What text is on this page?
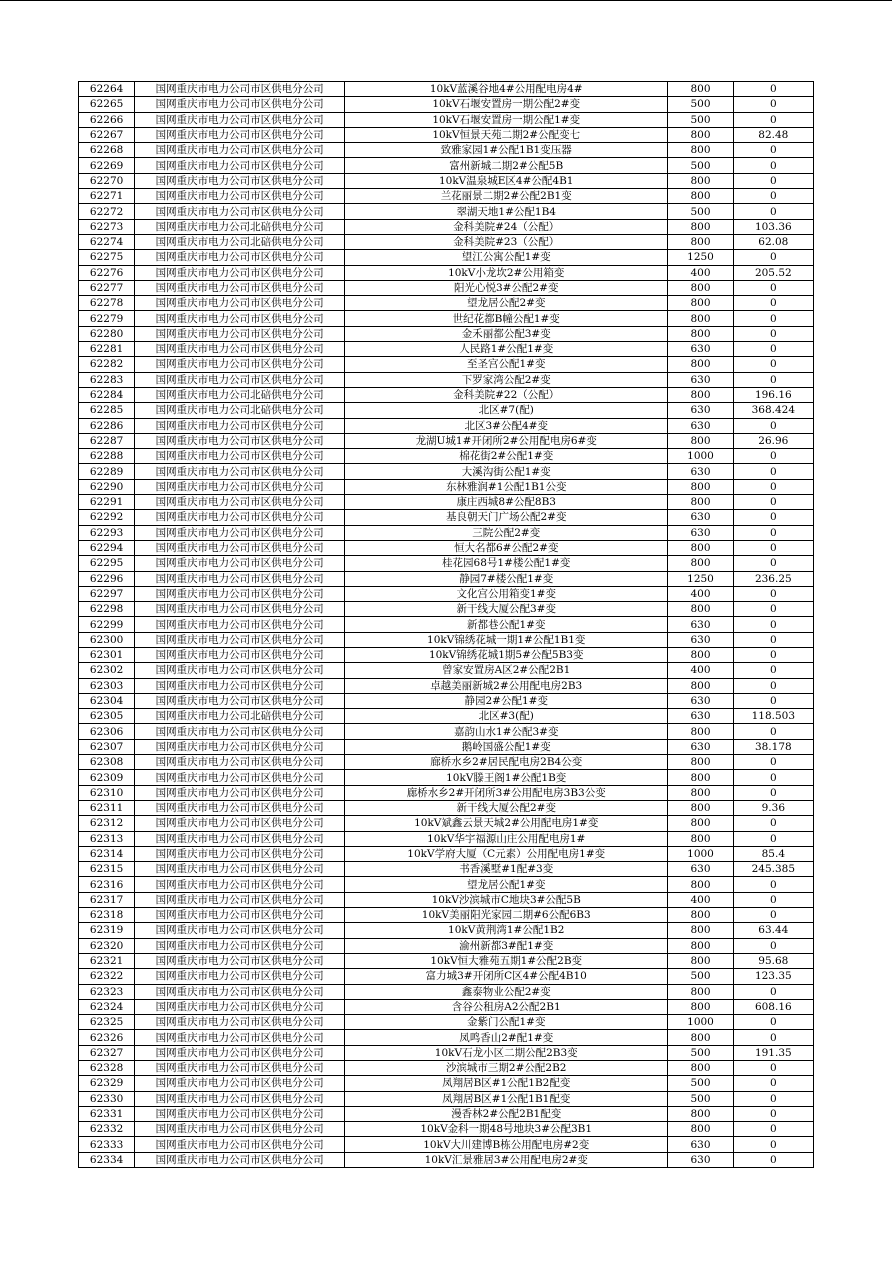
62264	国网重庆市电力公司市区供电分公司	10kV蓝溪谷地4#公用配电房4#	800	0
62265	国网重庆市电力公司市区供电分公司	10kV石堰安置房一期公配2#变	500	0
62266	国网重庆市电力公司市区供电分公司	10kV石堰安置房一期公配1#变	500	0
62267	国网重庆市电力公司市区供电分公司	10kV恒景天苑二期2#公配变七	800	82.48
62268	国网重庆市电力公司市区供电分公司	致雅家园1#公配1B1变压器	800	0
62269	国网重庆市电力公司市区供电分公司	富州新城二期2#公配5B	500	0
62270	国网重庆市电力公司市区供电分公司	10kV温泉城E区4#公配4B1	800	0
62271	国网重庆市电力公司市区供电分公司	兰花丽景二期2#公配2B1变	800	0
62272	国网重庆市电力公司市区供电分公司	翠湖天地1#公配1B4	500	0
62273	国网重庆市电力公司北碚供电分公司	金科美院#24（公配）	800	103.36
62274	国网重庆市电力公司北碚供电分公司	金科美院#23（公配）	800	62.08
62275	国网重庆市电力公司市区供电分公司	望江公寓公配1#变	1250	0
62276	国网重庆市电力公司市区供电分公司	10kV小龙坎2#公用箱变	400	205.52
62277	国网重庆市电力公司市区供电分公司	阳光心悦3#公配2#变	800	0
62278	国网重庆市电力公司市区供电分公司	望龙居公配2#变	800	0
62279	国网重庆市电力公司市区供电分公司	世纪花都B幢公配1#变	800	0
62280	国网重庆市电力公司市区供电分公司	金禾丽都公配3#变	800	0
62281	国网重庆市电力公司市区供电分公司	人民路1#公配1#变	630	0
62282	国网重庆市电力公司市区供电分公司	至圣宫公配1#变	800	0
62283	国网重庆市电力公司市区供电分公司	下罗家湾公配2#变	630	0
62284	国网重庆市电力公司北碚供电分公司	金科美院#22（公配）	800	196.16
62285	国网重庆市电力公司北碚供电分公司	北区#7(配)	630	368.424
62286	国网重庆市电力公司市区供电分公司	北区3#公配4#变	630	0
62287	国网重庆市电力公司市区供电分公司	龙湖U城1#开闭所2#公用配电房6#变	800	26.96
62288	国网重庆市电力公司市区供电分公司	棉花街2#公配1#变	1000	0
62289	国网重庆市电力公司市区供电分公司	大溪沟街公配1#变	630	0
62290	国网重庆市电力公司市区供电分公司	东林雅润#1公配1B1公变	800	0
62291	国网重庆市电力公司市区供电分公司	康庄西城8#公配8B3	800	0
62292	国网重庆市电力公司市区供电分公司	基良朝天门广场公配2#变	630	0
62293	国网重庆市电力公司市区供电分公司	三院公配2#变	630	0
62294	国网重庆市电力公司市区供电分公司	恒大名都6#公配2#变	800	0
62295	国网重庆市电力公司市区供电分公司	桂花园68号1#楼公配1#变	800	0
62296	国网重庆市电力公司市区供电分公司	静园7#楼公配1#变	1250	236.25
62297	国网重庆市电力公司市区供电分公司	文化宫公用箱变1#变	400	0
62298	国网重庆市电力公司市区供电分公司	新干线大厦公配3#变	800	0
62299	国网重庆市电力公司市区供电分公司	新都巷公配1#变	630	0
62300	国网重庆市电力公司市区供电分公司	10kV锦绣花城一期1#公配1B1变	630	0
62301	国网重庆市电力公司市区供电分公司	10kV锦绣花城1期5#公配5B3变	800	0
62302	国网重庆市电力公司市区供电分公司	曾家安置房A区2#公配2B1	400	0
62303	国网重庆市电力公司市区供电分公司	卓越美丽新城2#公用配电房2B3	800	0
62304	国网重庆市电力公司市区供电分公司	静园2#公配1#变	630	0
62305	国网重庆市电力公司北碚供电分公司	北区#3(配)	630	118.503
62306	国网重庆市电力公司市区供电分公司	嘉韵山水1#公配3#变	800	0
62307	国网重庆市电力公司市区供电分公司	鹅岭国盛公配1#变	630	38.178
62308	国网重庆市电力公司市区供电分公司	廊桥水乡2#居民配电房2B4公变	800	0
62309	国网重庆市电力公司市区供电分公司	10kV滕王阁1#公配1B变	800	0
62310	国网重庆市电力公司市区供电分公司	廊桥水乡2#开闭所3#公用配电房3B3公变	800	0
62311	国网重庆市电力公司市区供电分公司	新干线大厦公配2#变	800	9.36
62312	国网重庆市电力公司市区供电分公司	10kV斌鑫云景天城2#公用配电房1#变	800	0
62313	国网重庆市电力公司市区供电分公司	10kV华宇福源山庄公用配电房1#	800	0
62314	国网重庆市电力公司市区供电分公司	10kV学府大厦（C元素）公用配电房1#变	1000	85.4
62315	国网重庆市电力公司市区供电分公司	书香溪墅#1配#3变	630	245.385
62316	国网重庆市电力公司市区供电分公司	望龙居公配1#变	800	0
62317	国网重庆市电力公司市区供电分公司	10kV沙滨城市C地块3#公配5B	400	0
62318	国网重庆市电力公司市区供电分公司	10kV美丽阳光家园二期#6公配6B3	800	0
62319	国网重庆市电力公司市区供电分公司	10kV黄荆湾1#公配1B2	800	63.44
62320	国网重庆市电力公司市区供电分公司	渝州新都3#配1#变	800	0
62321	国网重庆市电力公司市区供电分公司	10kV恒大雅苑五期1#公配2B变	800	95.68
62322	国网重庆市电力公司市区供电分公司	富力城3#开闭所C区4#公配4B10	500	123.35
62323	国网重庆市电力公司市区供电分公司	鑫泰物业公配2#变	800	0
62324	国网重庆市电力公司市区供电分公司	含谷公租房A2公配2B1	800	608.16
62325	国网重庆市电力公司市区供电分公司	金紫门公配1#变	1000	0
62326	国网重庆市电力公司市区供电分公司	凤鸣香山2#配1#变	800	0
62327	国网重庆市电力公司市区供电分公司	10kV石龙小区二期公配2B3变	500	191.35
62328	国网重庆市电力公司市区供电分公司	沙滨城市三期2#公配2B2	800	0
62329	国网重庆市电力公司市区供电分公司	凤翔居B区#1公配1B2配变	500	0
62330	国网重庆市电力公司市区供电分公司	凤翔居B区#1公配1B1配变	500	0
62331	国网重庆市电力公司市区供电分公司	漫香林2#公配2B1配变	800	0
62332	国网重庆市电力公司市区供电分公司	10kV金科一期48号地块3#公配3B1	800	0
62333	国网重庆市电力公司市区供电分公司	10kV大川建博B栋公用配电房#2变	630	0
62334	国网重庆市电力公司市区供电分公司	10kV汇景雅居3#公用配电房2#变	630	0
